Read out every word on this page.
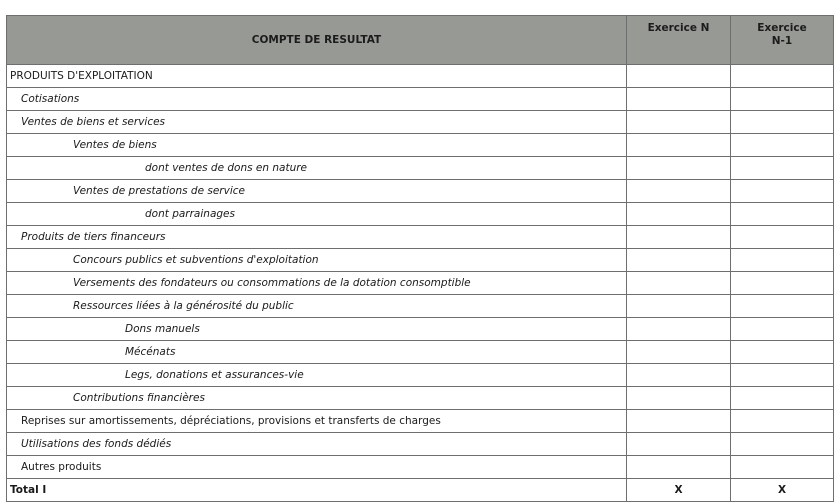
COMPTE DE RESULTAT	Exercice N	Exercice
N-1

PRODUITS D'EXPLOITATION		
Cotisations		
Ventes de biens et services		
Ventes de biens		
dont ventes de dons en nature		
Ventes de prestations de service		
dont parrainages		
Produits de tiers financeurs		
Concours publics et subventions d'exploitation		
Versements des fondateurs ou consommations de la dotation consomptible		
Ressources liées à la générosité du public		
Dons manuels		
Mécénats		
Legs, donations et assurances-vie		
Contributions financières		
Reprises sur amortissements, dépréciations, provisions et transferts de charges		
Utilisations des fonds dédiés		
Autres produits		
Total I	X	X
